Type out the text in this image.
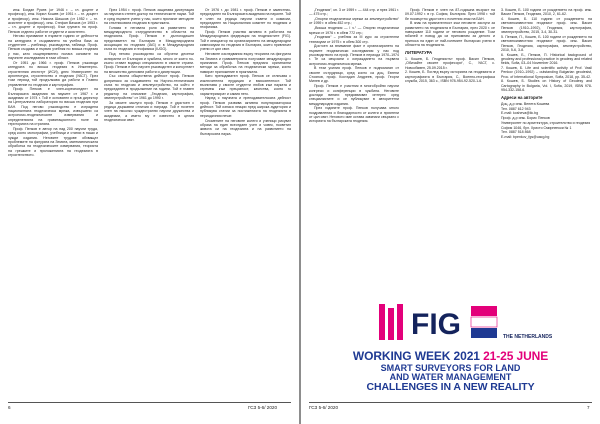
инж. Богдан Русев (от 1946 г. – гл. доцент и професор), инж. Кирил Кошев (от 1951 г. – гл. доцент и професор), инж. Никола Шишков (от 1952 г. – гл. асистент и професор), инж. Стефан Вачков (от 1953 г. – гл. доцент и професор). Към групата на проф. Пенков отделно работят студенти и асистенти.

Негово призвание в първите години от дейността на катедрата е създаването на учебна база за студентите – учебници, ръководства, таблици. Проф. Пенков създава и първия учебник по висша геодезия у нас, като същевременно полага основите на научните изследвания в тази област.

От 1951 до 1966 г. проф. Пенков ръководи катедрата по висша геодезия в Инженерно-строителния институт (ИСИ), днес Университет по архитектура, строителство и геодезия (УАСГ). През този период той продължава да работи в Главно управление по геодезия и картография.

Проф. Пенков е член-кореспондент на Българската академия на науките от 1967 г. и академик от 1974 г. Той е основател и пръв директор на Централната лаборатория по висша геодезия при БАН. Под негово ръководство е изградена националната геодезическа мрежа, извършени са астрономо-геодезическите измервания и определенията на гравитационното поле на територията на страната.

Проф. Пенков е автор на над 200 научни труда, сред които монографии, учебници и статии в наши и чужди издания. Неговите трудове обхващат проблемите на фигурата на Земята, математическата обработка на геодезическите измервания, теорията на грешките и приложенията на геодезията в строителството.

През 1954 г. проф. Пенков защитава дисертация за научната степен доктор на техническите науки. Той е сред първите учени у нас, които прилагат методите на спътниковата геодезия в практиката.

Голяма е неговата роля за развитието на международното сътрудничество в областта на геодезията. Проф. Пенков е дългогодишен представител на България в Международната асоциация по геодезия (IAG) и в Международния съюз по геодезия и геофизика (IUGG).

Под негово ръководство са обучени десетки аспиранти от България и чужбина, много от които по-късно стават водещи специалисти в своите страни. Проф. Пенков е бил научен ръководител и консултант на множество дипломни работи и дисертации.

Със своята обществена дейност проф. Пенков допринася за създаването на Научно-техническия съюз по геодезия и землеустройство, на който е председател в продължение на години. Той е главен редактор на списание „Геодезия, картография, землеустройство“ от 1961 до 1990 г.

За своите заслуги проф. Пенков е удостоен с редица държавни отличия и награди. Той е почетен член на няколко чуждестранни научни дружества и академии, а името му е известно в целия геодезически свят.

От 1976 г. до 1981 г. проф. Пенков е заместник-председател на Българската академия на науките. Той е член на редица научни съвети и комисии, председател на Националния комитет по геодезия и геофизика.

Проф. Пенков участва активно в работата на Международната федерация на геодезистите (FIG). Той е инициатор на организирането на международни симпозиуми по геодезия в България, които привличат учени от цял свят.

Неговите изследвания върху теорията на фигурата на Земята и гравиметрията получават международно признание. Проф. Пенков предлага оригинални методи за обработка на геодезически мрежи, които намират приложение в практиката.

Като преподавател проф. Пенков се отличава с изключителна ерудиция и взискателност. Той възпитава у своите студенти любов към науката и стремеж към прецизност, качества, които го характеризират и самия него.

Наред с научната и преподавателската дейност проф. Пенков развива активна популяризаторска дейност. Той изнася лекции пред широка аудитория и публикува статии за постиженията на геодезията в периодичния печат.

Спомените на неговите колеги и ученици рисуват образа на един всеотдаен учен и човек, посветил живота си на геодезията и на развитието на българската наука.

6	ГСЗ 5-6/ 2020

„Геодезия“, кн. 3 от 1959 г. — 444 стр. и през 1961 г. — 475 стр.;

„Опорни геодезически мрежи за землеустройство“ от 1959 г. в обем 452 стр.;

„Висша геодезия — I ч.“ — Опорни геодезически мрежи от 1976 г. в обем 772 стр.;

„Геодезия“ – учебник за III курс за строителни техникуми от 1975 г. в обем 300 стр.

Достоен за внимание факт е организирането на първите геодезически изследвания у нас под ръководството на проф. Пенков в периода 1970–1974 г. Те са свързани с изграждането на първата астрономо-геодезическа мрежа.

В тези усилия проф. Пенков е подпомаган от своите сътрудници, сред които са доц. Евгени Стоянов, проф. Костадин Андреев, проф. Георги Милев и др.

Проф. Пенков е участник в многобройни научни конгреси и конференции в чужбина. Неговите доклади винаги предизвикват интерес сред специалистите и се публикуват в авторитетни международни издания.

През годините проф. Пенков получава много поздравления и благодарности от колеги и приятели от цял свят. Неговото име остава завинаги свързано с историята на българската геодезия.

Проф. Пенков е член на 87-годишна възраст на 09.07.1992 г. в гр. София, България. През 1998 г. той бе посмъртно удостоен с почетния знак на БАН.

В знак на признателност към неговите заслуги за развитието на геодезията в България, през 2020 г. се навършват 110 години от неговото рождение. Този юбилей е повод да си припомним за делото и приноса на един от най-големите български учени в областта на геодезията.

ЛИТЕРАТУРА

1. Кошев, Б. Геодезистът проф. Васил Пенков, „Обичайте своите професори“, С., УАСГ, с. Новообявен, 25.09.2015 г.

2. Кошев, Б. Поглед върху историята на геодезията и картографията в България, С., Военно-географска служба, 2015, 363 с., ISBN 978-954-92-520-1-6.

3. Кошев, Б. 100 години от рождението на проф. инж. Васил Пенков, Геодезия, 2010, 2, 61-62.

4. Кошев, Б. 110 години от рождението на световноизвестния геодезист проф. инж. Васил Пенков (1910–1992), Геодезия, картография, землеустройство, 2015, 3-4, 30-31.

5. Пенков, П., Кошев, Б. 100 години от рождението на световноизвестния геодезист проф. инж. Васил Пенков, Геодезия, картография, землеустройство, 2010, 5-6, 3-8.

6. Кошев, Б., Пенков, П. Historical background of geodesy and professional practice in geodesy and related fields, Sofia, 03–04 November 2016.

7. Кошев, Б. Life and scientific activity of Prof. Vasil Penkov (1910–1992) – outstanding Bulgarian geodesist, Proc. of International Symposium, Sofia, 2018, pp. 35-42.

8. Кошев, Б. Studies on History of Geodesy and Cartography in Bulgaria, Vol. I, Sofia, 2019, ISBN 978-954-332-158-6.

Адреси на авторите

Доц. д-р инж. Венета Кошева

Тел. 0887 612 943

E-mail: kosheva@ilc.bg

Проф. д-р инж. Борис Пенков

Университет по архитектура, строителство и геодезия

София 1046, бул. Христо Смирненски № 1

Тел. 0887 518 868

E-mail: bpenkov_fgs@uacg.bg

FIG	THE NETHERLANDS
WORKING WEEK 2021 21-25 JUNE
SMART SURVEYORS FOR LAND
AND WATER MANAGEMENT
CHALLENGES IN A NEW REALITY
ГСЗ 5-6/ 2020	7
